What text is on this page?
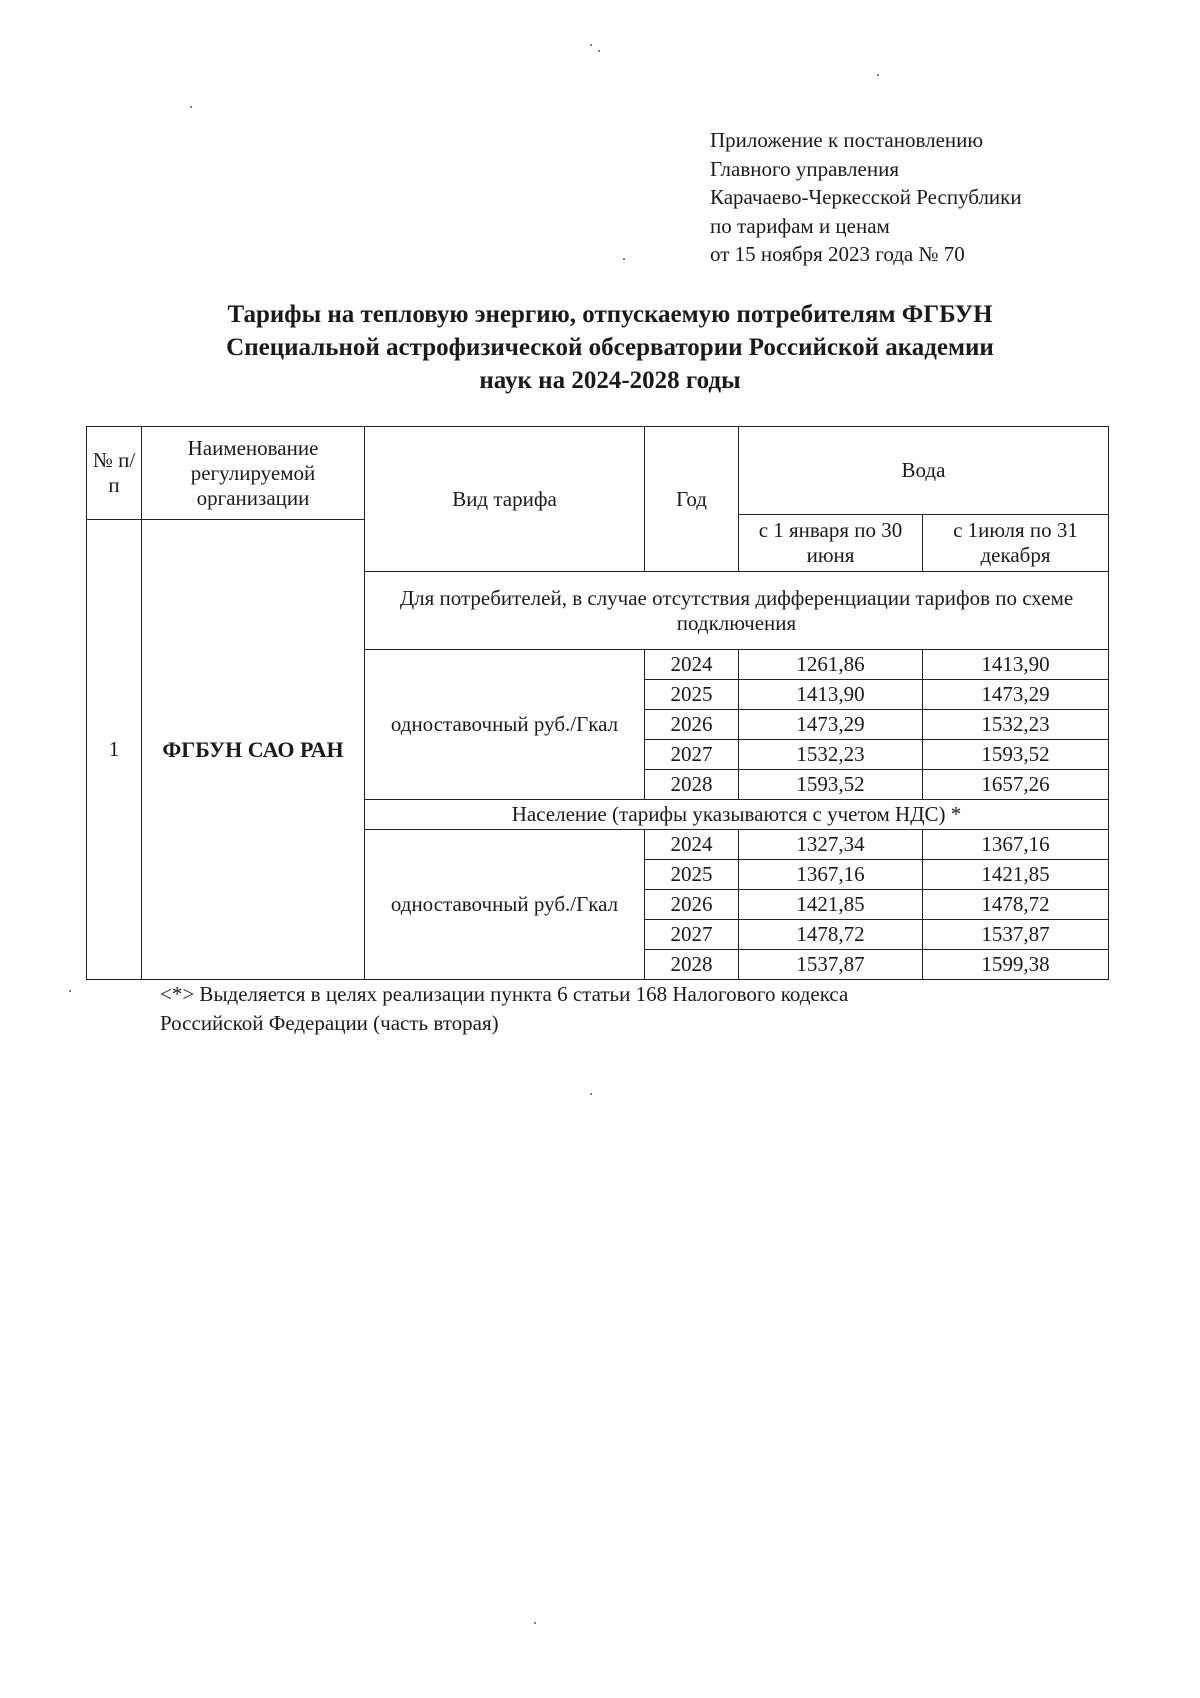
Приложение к постановлению
Главного управления
Карачаево-Черкесской Республики
по тарифам и ценам
от 15 ноября 2023 года № 70
Тарифы на тепловую энергию, отпускаемую потребителям ФГБУН
Специальной астрофизической обсерватории Российской академии
наук на 2024-2028 годы
№ п/п	Наименование регулируемой организации	Вид тарифа	Год	Вода	
				с 1 января по 30 июня	с 1июля по 31 декабря
1	ФГБУН САО РАН				
		Для потребителей, в случае отсутствия дифференциации тарифов по схеме подключения			
		одноставочный руб./Гкал	2024	1261,86	1413,90
			2025	1413,90	1473,29
			2026	1473,29	1532,23
			2027	1532,23	1593,52
			2028	1593,52	1657,26
		Население (тарифы указываются с учетом НДС) *			
		одноставочный руб./Гкал	2024	1327,34	1367,16
			2025	1367,16	1421,85
			2026	1421,85	1478,72
			2027	1478,72	1537,87
			2028	1537,87	1599,38
<*> Выделяется в целях реализации пункта 6 статьи 168 Налогового кодекса
Российской Федерации (часть вторая)
